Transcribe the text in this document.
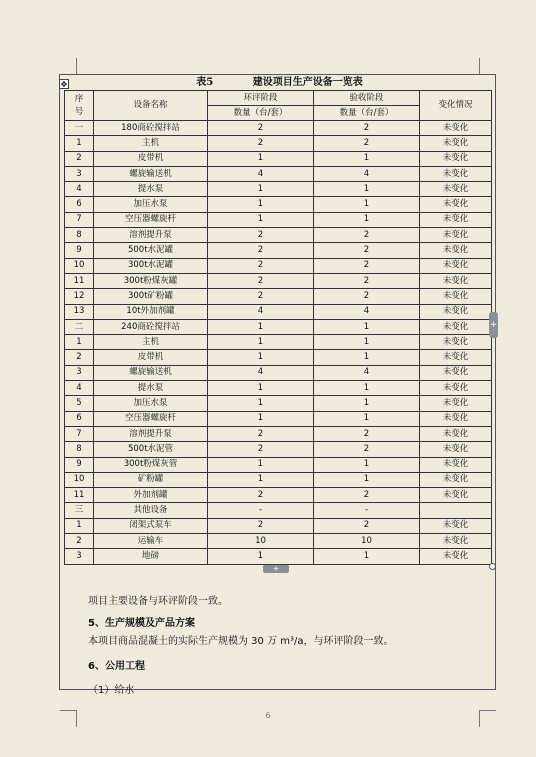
✥	表5	建设项目生产设备一览表
序
号	设备名称	环评阶段	验收阶段	变化情况
		数量（台/套）	数量（台/套）	
一	180商砼搅拌站	2	2	未变化
1	主机	2	2	未变化
2	皮带机	1	1	未变化
3	螺旋输送机	4	4	未变化
4	提水泵	1	1	未变化
6	加压水泵	1	1	未变化
7	空压器螺旋杆	1	1	未变化
8	溶剂提升泵	2	2	未变化
9	500t水泥罐	2	2	未变化
10	300t水泥罐	2	2	未变化
11	300t粉煤灰罐	2	2	未变化
12	300t矿粉罐	2	2	未变化
13	10t外加剂罐	4	4	未变化
二	240商砼搅拌站	1	1	未变化
1	主机	1	1	未变化
2	皮带机	1	1	未变化
3	螺旋输送机	4	4	未变化
4	提水泵	1	1	未变化
5	加压水泵	1	1	未变化
6	空压器螺旋杆	1	1	未变化
7	溶剂提升泵	2	2	未变化
8	500t水泥管	2	2	未变化
9	300t粉煤灰管	1	1	未变化
10	矿粉罐	1	1	未变化
11	外加剂罐	2	2	未变化
三	其他设备	-	-	
1	闭架式泵车	2	2	未变化
2	运输车	10	10	未变化
3	地磅	1	1	未变化
+
+
项目主要设备与环评阶段一致。
5、生产规模及产品方案
本项目商品混凝土的实际生产规模为 30 万 m³/a，与环评阶段一致。
6、公用工程
（1）给水
6
